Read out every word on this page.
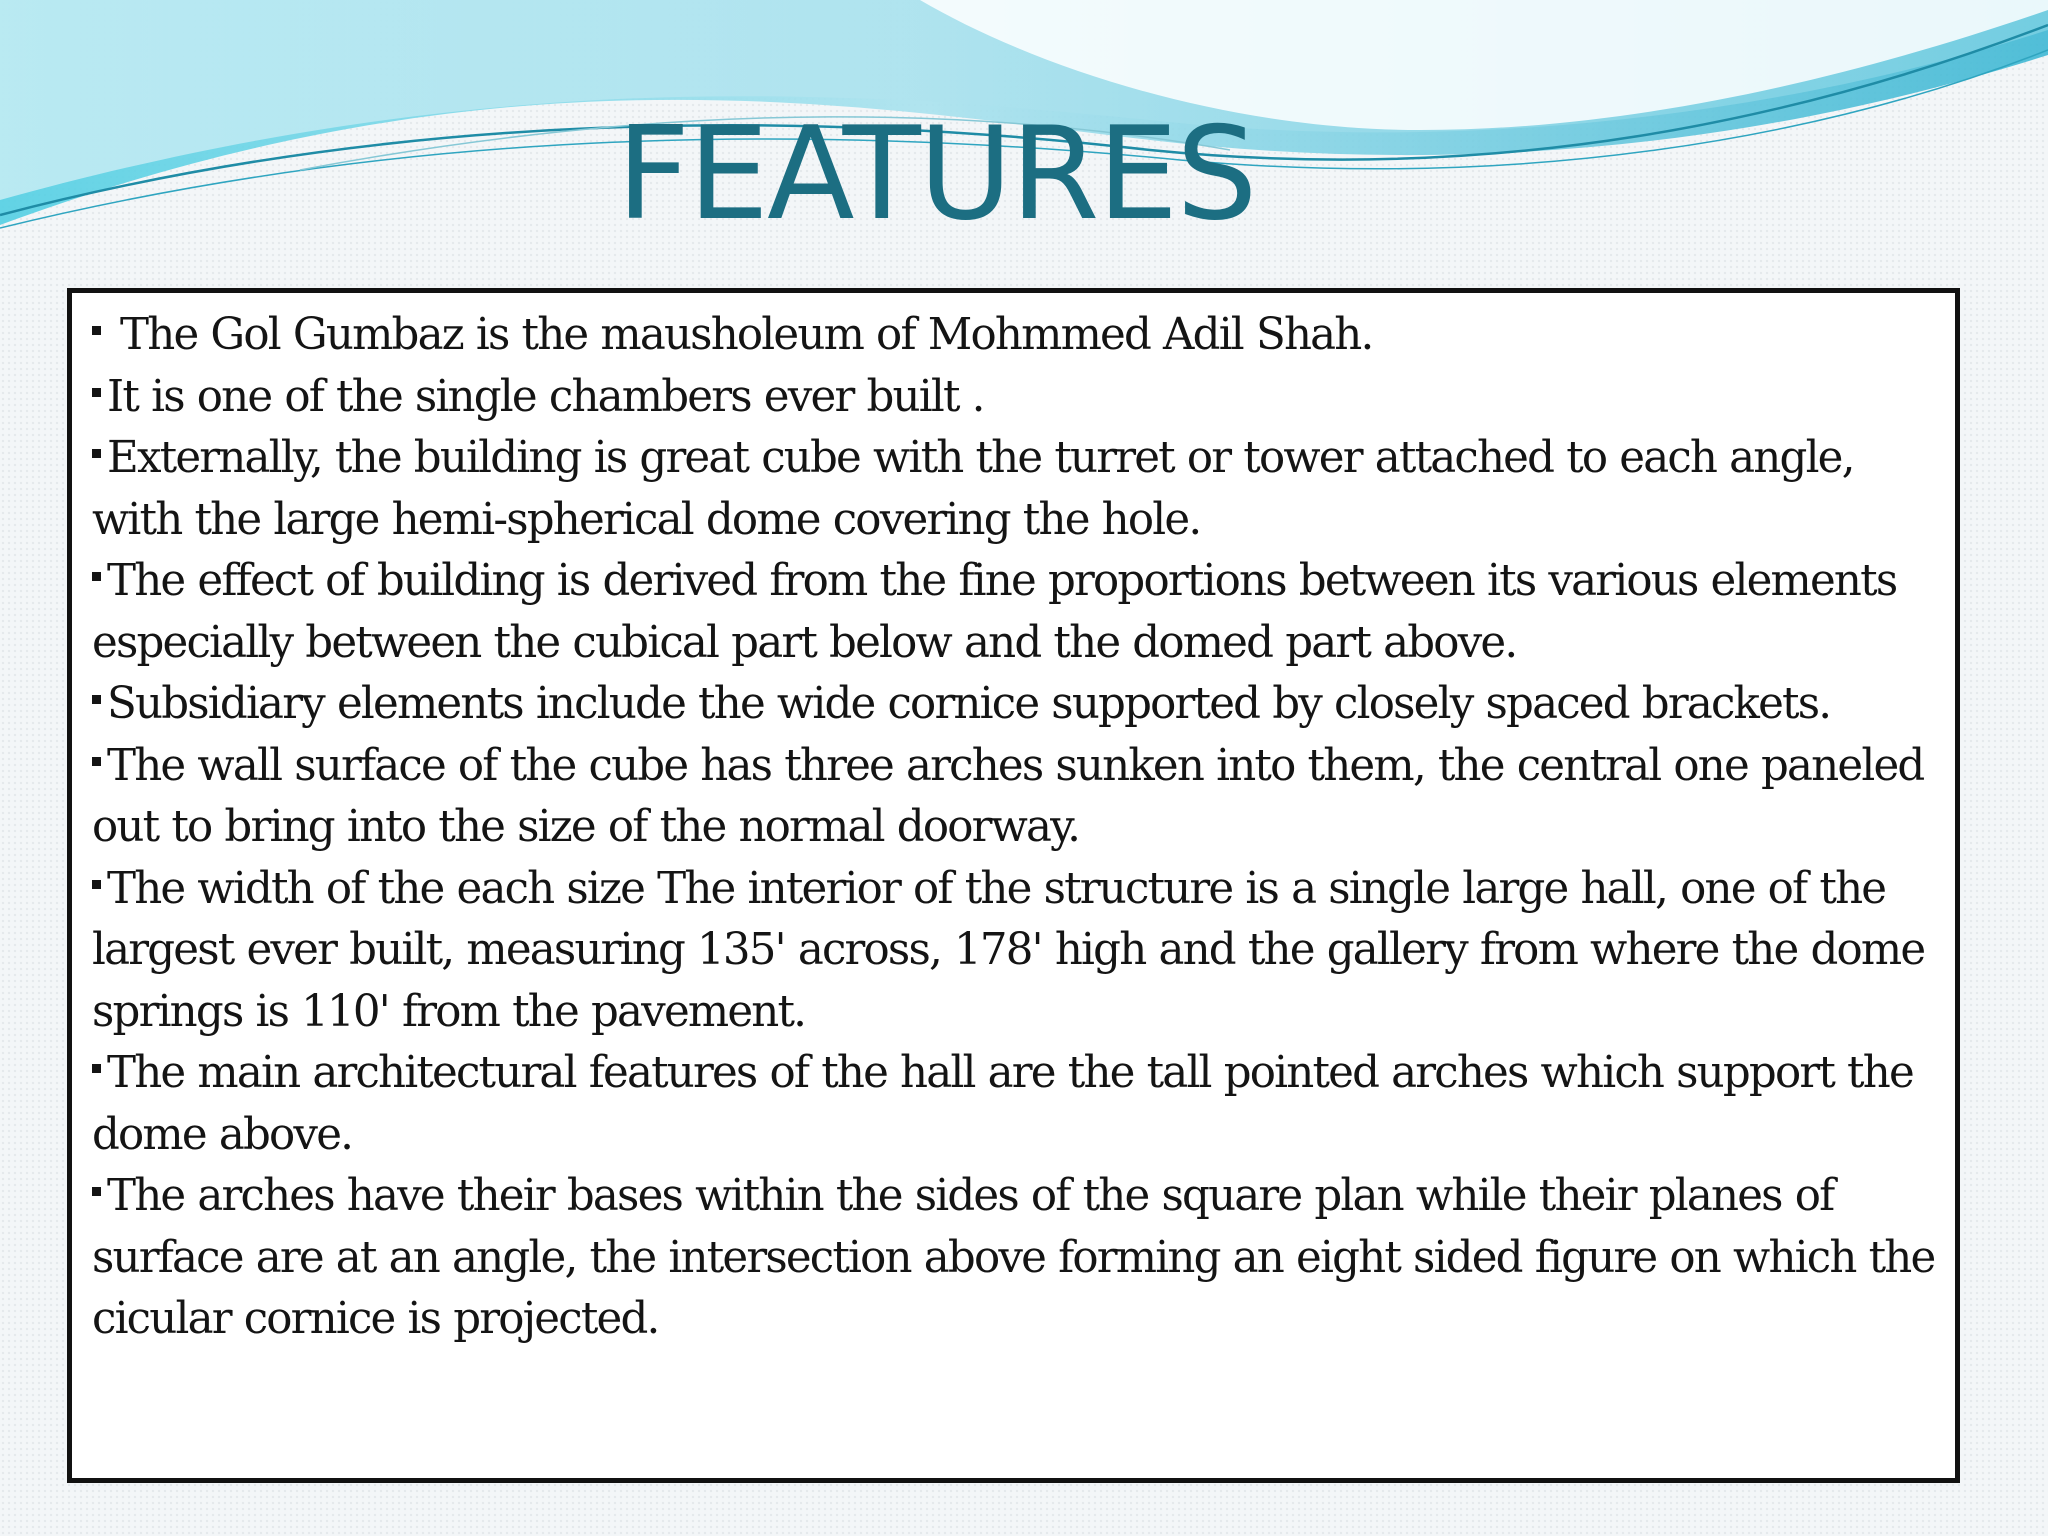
FEATURES
The Gol Gumbaz is the mausholeum of Mohmmed Adil Shah.
It is one of the single chambers ever built .
Externally, the building is great cube with the turret or tower attached to each angle, with the large hemi-spherical dome covering the hole.
The effect of building is derived from the fine proportions between its various elements especially between the cubical part below and the domed part above.
Subsidiary elements include the wide cornice supported by closely spaced brackets.
The wall surface of the cube has three arches sunken into them, the central one paneled out to bring into the size of the normal doorway.
The width of the each size The interior of the structure is a single large hall, one of the largest ever built, measuring 135' across, 178' high and the gallery from where the dome springs is 110' from the pavement.
The main architectural features of the hall are the tall pointed arches which support the dome above.
The arches have their bases within the sides of the square plan while their planes of surface are at an angle, the intersection above forming an eight sided figure on which the cicular cornice is projected.
